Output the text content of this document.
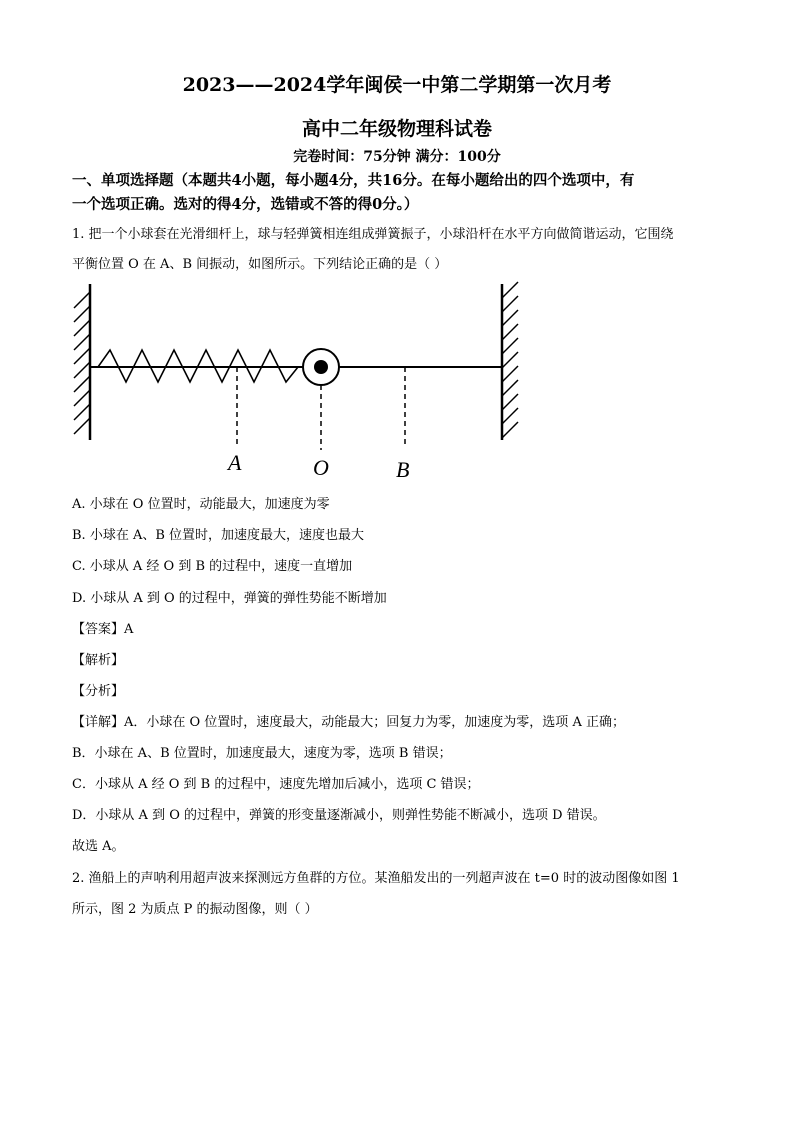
2023——2024学年闽侯一中第二学期第一次月考
高中二年级物理科试卷
完卷时间：75分钟 满分：100分
一、单项选择题（本题共4小题，每小题4分，共16分。在每小题给出的四个选项中，有
一个选项正确。选对的得4分，选错或不答的得0分。）
1. 把一个小球套在光滑细杆上，球与轻弹簧相连组成弹簧振子，小球沿杆在水平方向做简谐运动，它围绕
平衡位置 O 在 A、B 间振动，如图所示。下列结论正确的是（ ）
A	O	B
A. 小球在 O 位置时，动能最大，加速度为零
B. 小球在 A、B 位置时，加速度最大，速度也最大
C. 小球从 A 经 O 到 B 的过程中，速度一直增加
D. 小球从 A 到 O 的过程中，弹簧的弹性势能不断增加
【答案】A
【解析】
【分析】
【详解】A．小球在 O 位置时，速度最大，动能最大；回复力为零，加速度为零，选项 A 正确；
B．小球在 A、B 位置时，加速度最大，速度为零，选项 B 错误；
C．小球从 A 经 O 到 B 的过程中，速度先增加后减小，选项 C 错误；
D．小球从 A 到 O 的过程中，弹簧的形变量逐渐减小，则弹性势能不断减小，选项 D 错误。
故选 A。
2. 渔船上的声呐利用超声波来探测远方鱼群的方位。某渔船发出的一列超声波在 t=0 时的波动图像如图 1
所示，图 2 为质点 P 的振动图像，则（ ）
